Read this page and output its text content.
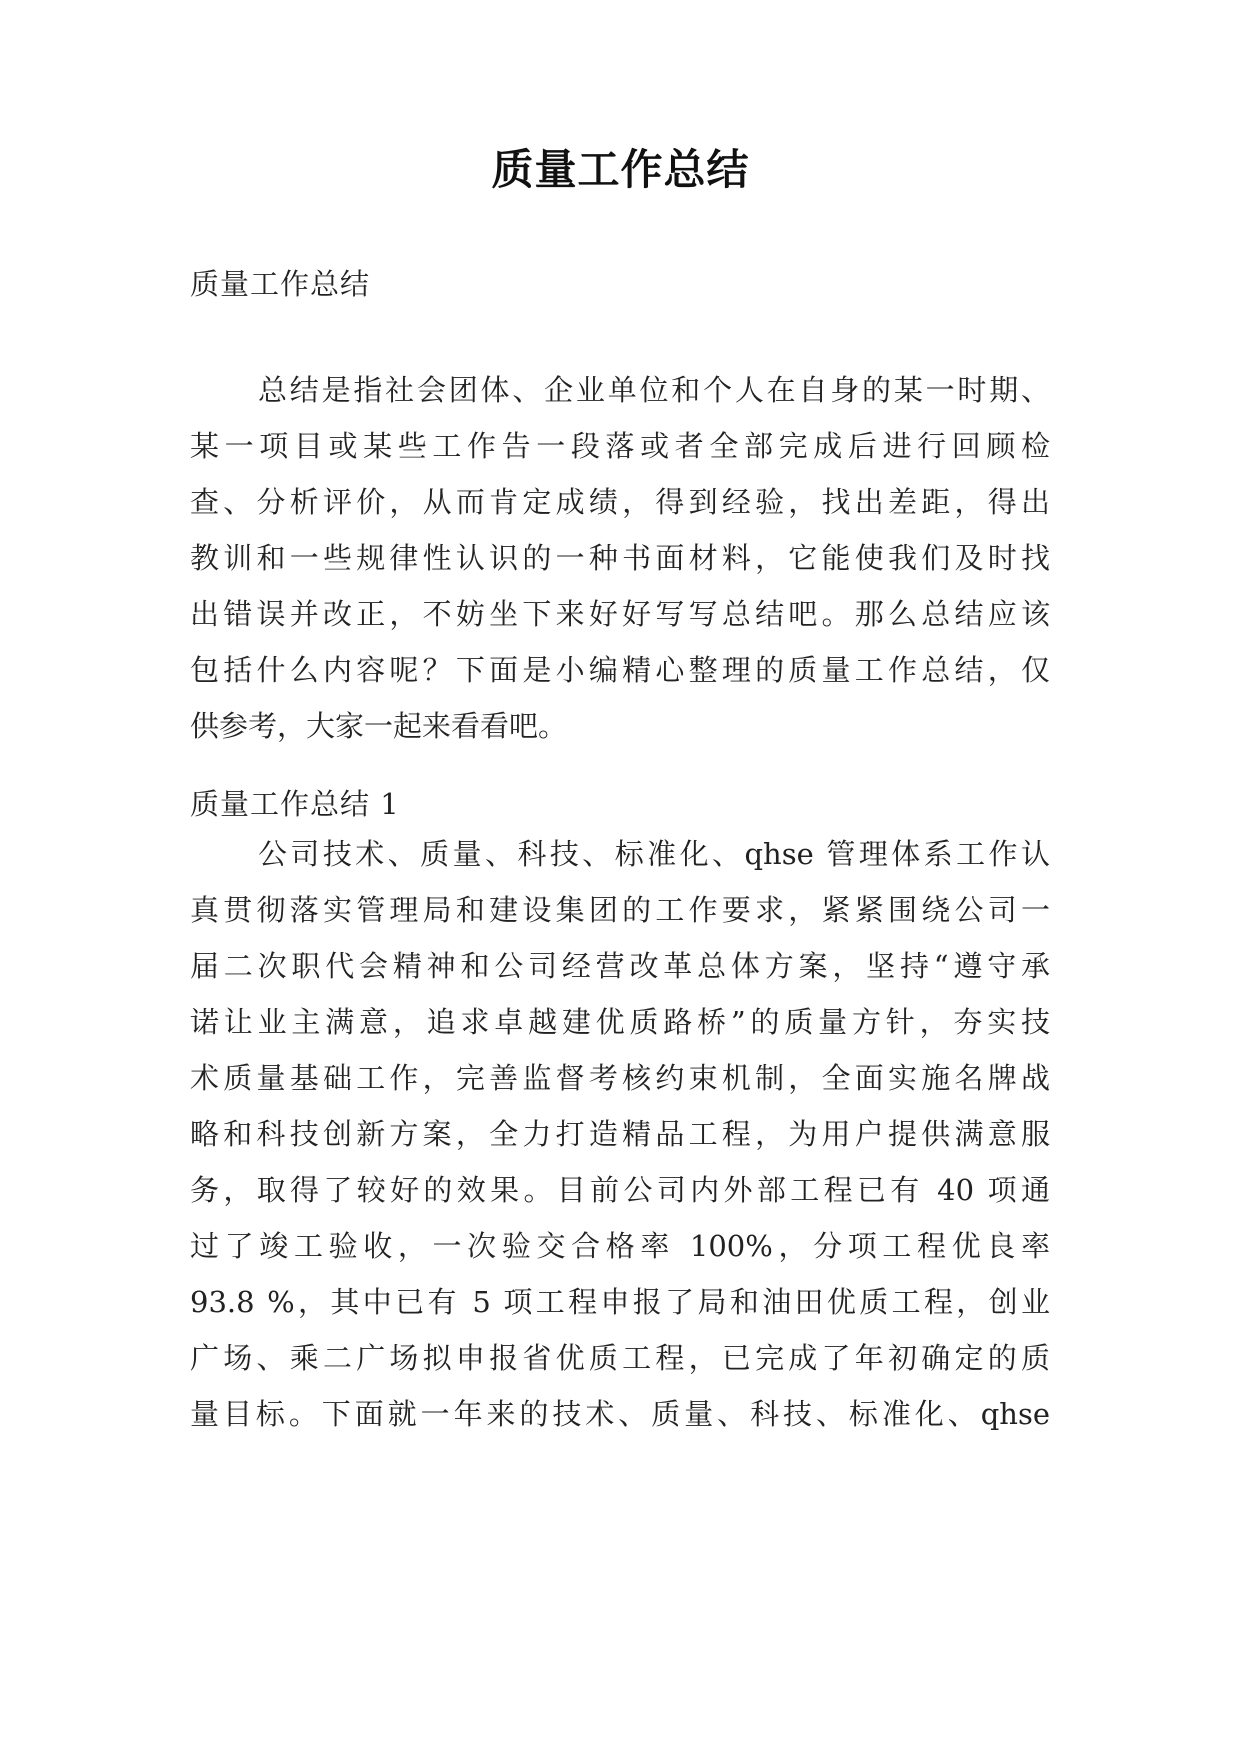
质量工作总结
质量工作总结
总结是指社会团体、企业单位和个人在自身的某一时期、
某一项目或某些工作告一段落或者全部完成后进行回顾检
查、分析评价，从而肯定成绩，得到经验，找出差距，得出
教训和一些规律性认识的一种书面材料，它能使我们及时找
出错误并改正，不妨坐下来好好写写总结吧。那么总结应该
包括什么内容呢？下面是小编精心整理的质量工作总结，仅
供参考，大家一起来看看吧。
质量工作总结 1
公司技术、质量、科技、标准化、qhse 管理体系工作认
真贯彻落实管理局和建设集团的工作要求，紧紧围绕公司一
届二次职代会精神和公司经营改革总体方案，坚持“遵守承
诺让业主满意，追求卓越建优质路桥”的质量方针，夯实技
术质量基础工作，完善监督考核约束机制，全面实施名牌战
略和科技创新方案，全力打造精品工程，为用户提供满意服
务，取得了较好的效果。目前公司内外部工程已有 40 项通
过了竣工验收，一次验交合格率 100%，分项工程优良率
93.8 %，其中已有 5 项工程申报了局和油田优质工程，创业
广场、乘二广场拟申报省优质工程，已完成了年初确定的质
量目标。下面就一年来的技术、质量、科技、标准化、qhse
